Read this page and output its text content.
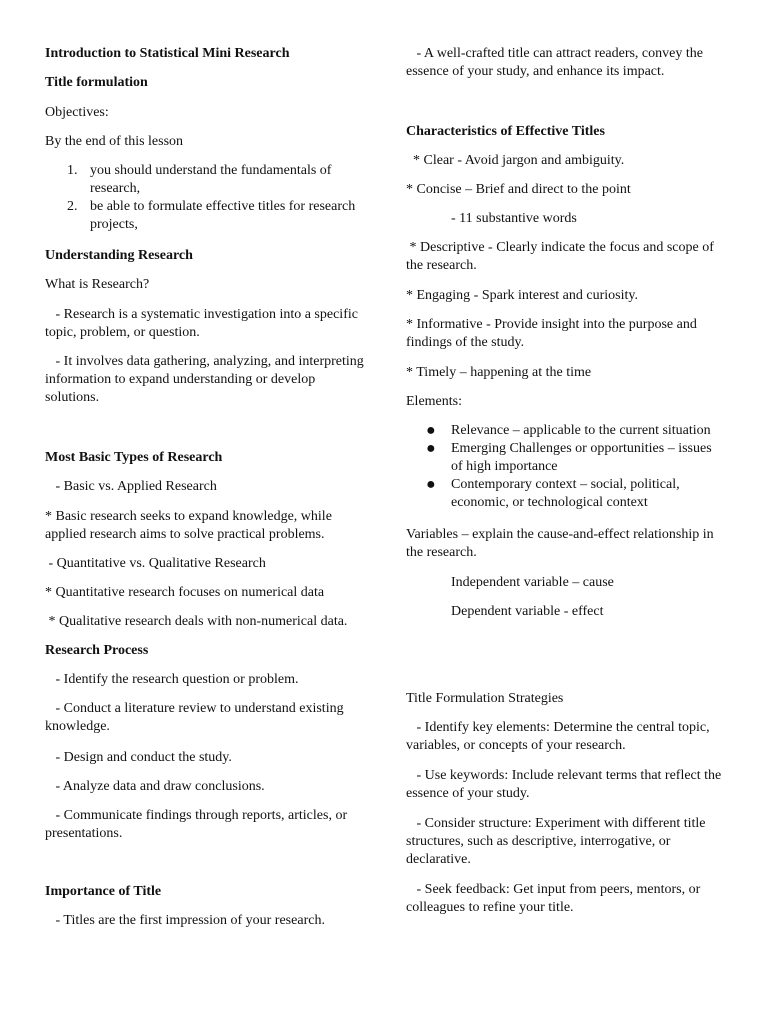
Introduction to Statistical Mini Research
Title formulation
Objectives:
By the end of this lesson
1. you should understand the fundamentals of research,
2. be able to formulate effective titles for research projects,
Understanding Research
What is Research?
- Research is a systematic investigation into a specific topic, problem, or question.
- It involves data gathering, analyzing, and interpreting information to expand understanding or develop solutions.
Most Basic Types of Research
- Basic vs. Applied Research
* Basic research seeks to expand knowledge, while applied research aims to solve practical problems.
- Quantitative vs. Qualitative Research
* Quantitative research focuses on numerical data
* Qualitative research deals with non-numerical data.
Research Process
- Identify the research question or problem.
- Conduct a literature review to understand existing knowledge.
- Design and conduct the study.
- Analyze data and draw conclusions.
- Communicate findings through reports, articles, or presentations.
Importance of Title
- Titles are the first impression of your research.
- A well-crafted title can attract readers, convey the essence of your study, and enhance its impact.
Characteristics of Effective Titles
* Clear - Avoid jargon and ambiguity.
* Concise – Brief and direct to the point
- 11 substantive words
* Descriptive - Clearly indicate the focus and scope of the research.
* Engaging - Spark interest and curiosity.
* Informative - Provide insight into the purpose and findings of the study.
* Timely – happening at the time
Elements:
● Relevance – applicable to the current situation
● Emerging Challenges or opportunities – issues of high importance
● Contemporary context – social, political, economic, or technological context
Variables – explain the cause-and-effect relationship in the research.
Independent variable – cause
Dependent variable - effect
Title Formulation Strategies
- Identify key elements: Determine the central topic, variables, or concepts of your research.
- Use keywords: Include relevant terms that reflect the essence of your study.
- Consider structure: Experiment with different title structures, such as descriptive, interrogative, or declarative.
- Seek feedback: Get input from peers, mentors, or colleagues to refine your title.
